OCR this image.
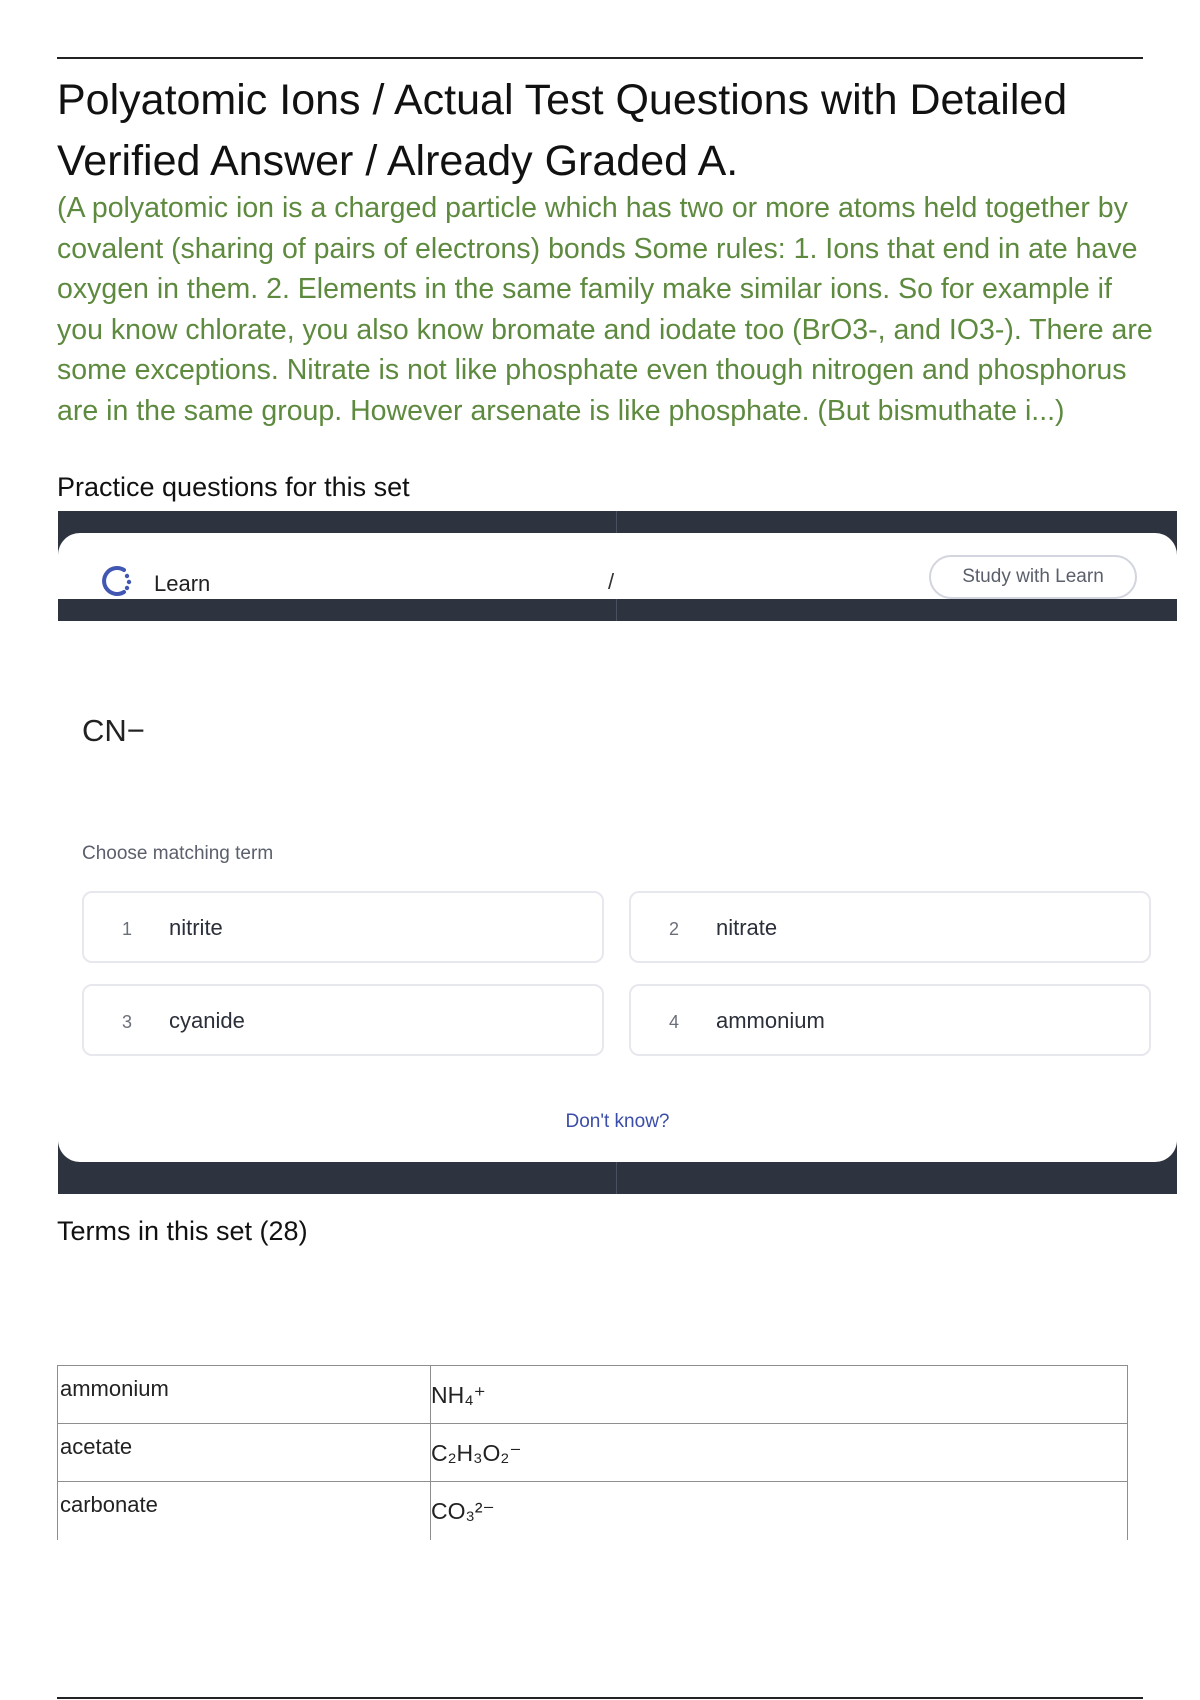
Polyatomic Ions / Actual Test Questions with Detailed Verified Answer / Already Graded A.
(A polyatomic ion is a charged particle which has two or more atoms held together by covalent (sharing of pairs of electrons) bonds Some rules: 1. Ions that end in ate have oxygen in them. 2. Elements in the same family make similar ions. So for example if you know chlorate, you also know bromate and iodate too (BrO3-, and IO3-). There are some exceptions. Nitrate is not like phosphate even though nitrogen and phosphorus are in the same group. However arsenate is like phosphate. (But bismuthate i...)
Practice questions for this set
Learn	/	Study with Learn
CN−
Choose matching term
1 nitrite	2 nitrate
3 cyanide	4 ammonium
Don't know?
Terms in this set (28)
ammonium	NH₄⁺
acetate	C₂H₃O₂⁻
carbonate	CO₃²⁻
